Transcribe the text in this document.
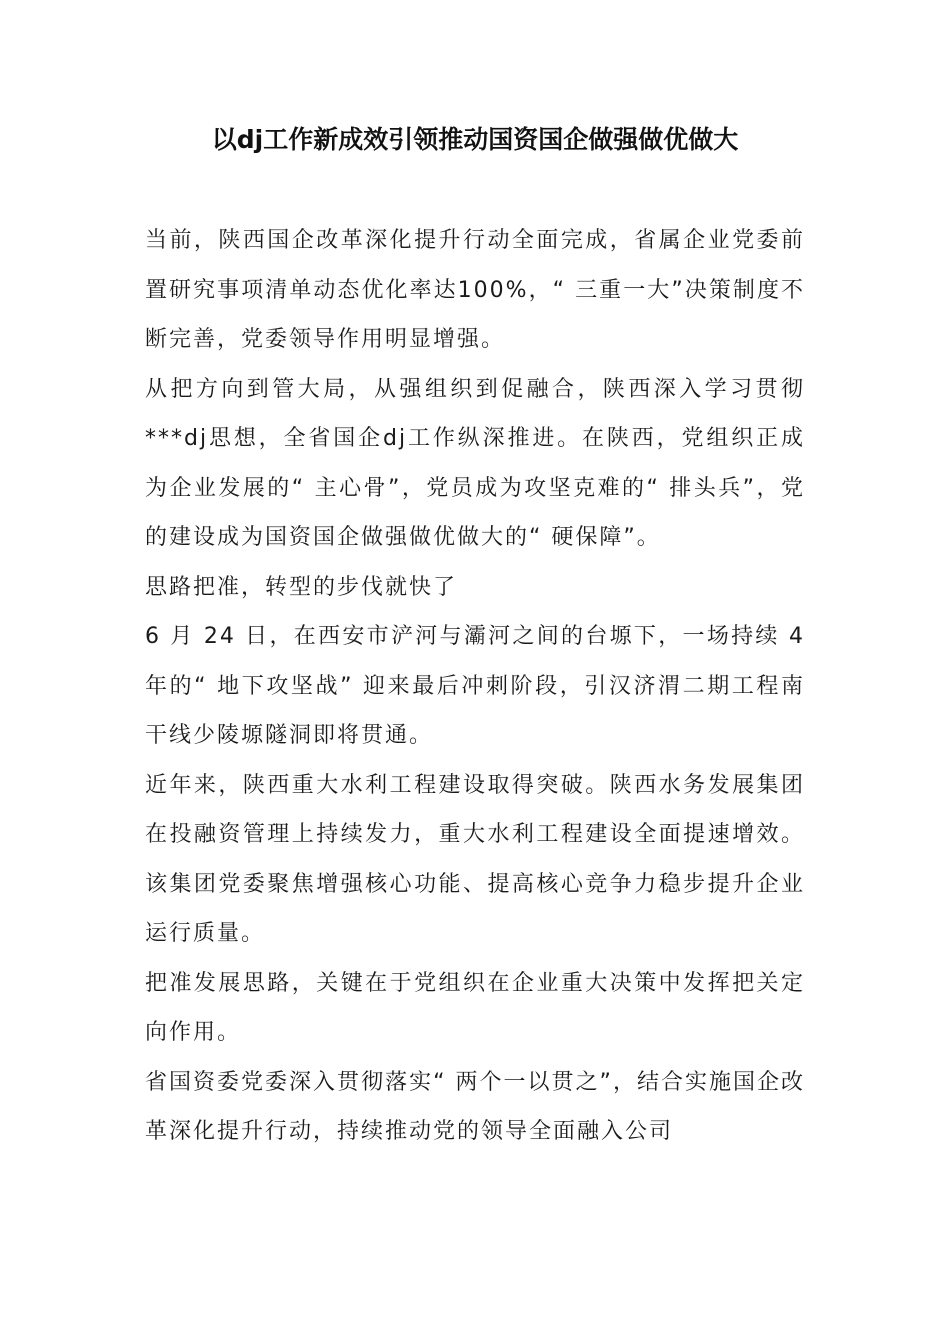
以dj工作新成效引领推动国资国企做强做优做大

当前，陕西国企改革深化提升行动全面完成，省属企业党委前置研究事项清单动态优化率达100%，“ 三重一大”决策制度不断完善，党委领导作用明显增强。

从把方向到管大局，从强组织到促融合，陕西深入学习贯彻***dj思想，全省国企dj工作纵深推进。在陕西，党组织正成为企业发展的“ 主心骨”，党员成为攻坚克难的“ 排头兵”，党的建设成为国资国企做强做优做大的“ 硬保障”。

思路把准，转型的步伐就快了

6 月 24 日，在西安市浐河与灞河之间的台塬下，一场持续 4 年的“ 地下攻坚战” 迎来最后冲刺阶段，引汉济渭二期工程南干线少陵塬隧洞即将贯通。

近年来，陕西重大水利工程建设取得突破。陕西水务发展集团在投融资管理上持续发力，重大水利工程建设全面提速增效。该集团党委聚焦增强核心功能、提高核心竞争力稳步提升企业运行质量。

把准发展思路，关键在于党组织在企业重大决策中发挥把关定向作用。

省国资委党委深入贯彻落实“ 两个一以贯之”，结合实施国企改革深化提升行动，持续推动党的领导全面融入公司
